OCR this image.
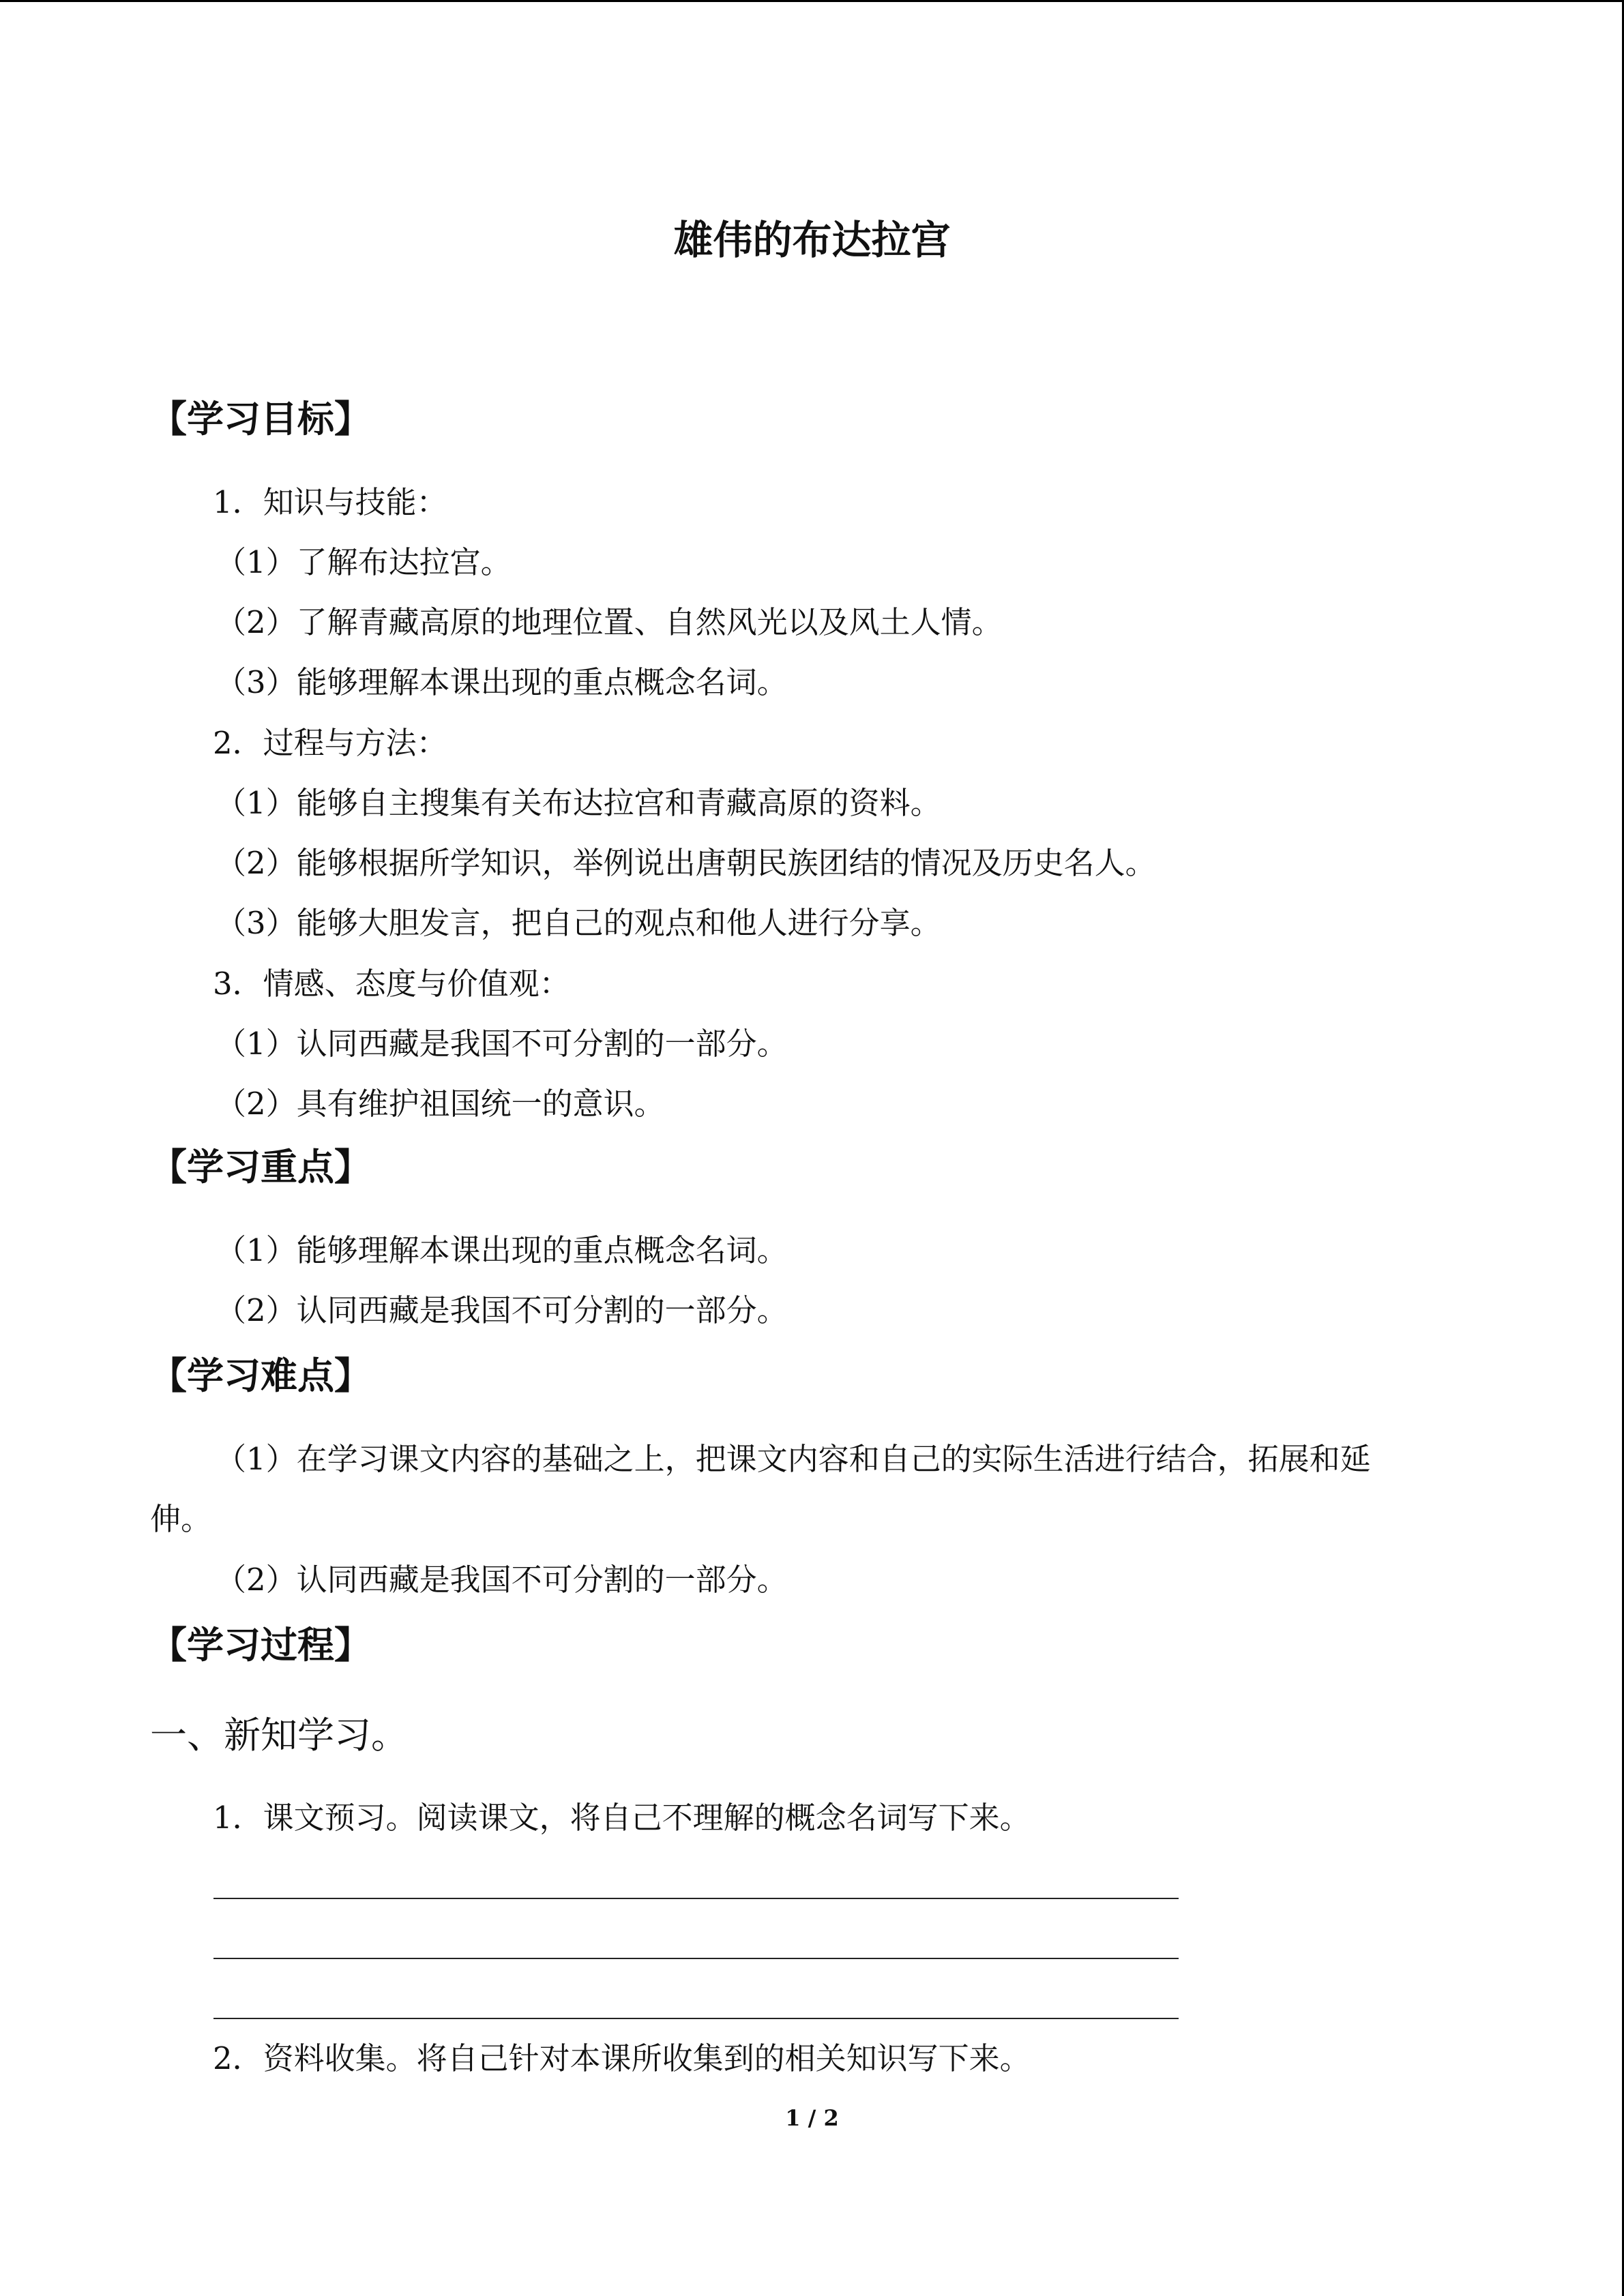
雄伟的布达拉宫
【学习目标】
1．知识与技能：
（1）了解布达拉宫。
（2）了解青藏高原的地理位置、自然风光以及风土人情。
（3）能够理解本课出现的重点概念名词。
2．过程与方法：
（1）能够自主搜集有关布达拉宫和青藏高原的资料。
（2）能够根据所学知识，举例说出唐朝民族团结的情况及历史名人。
（3）能够大胆发言，把自己的观点和他人进行分享。
3．情感、态度与价值观：
（1）认同西藏是我国不可分割的一部分。
（2）具有维护祖国统一的意识。
【学习重点】
（1）能够理解本课出现的重点概念名词。
（2）认同西藏是我国不可分割的一部分。
【学习难点】
（1）在学习课文内容的基础之上，把课文内容和自己的实际生活进行结合，拓展和延
伸。
（2）认同西藏是我国不可分割的一部分。
【学习过程】
一、新知学习。
1．课文预习。阅读课文，将自己不理解的概念名词写下来。
2．资料收集。将自己针对本课所收集到的相关知识写下来。
1 / 2
